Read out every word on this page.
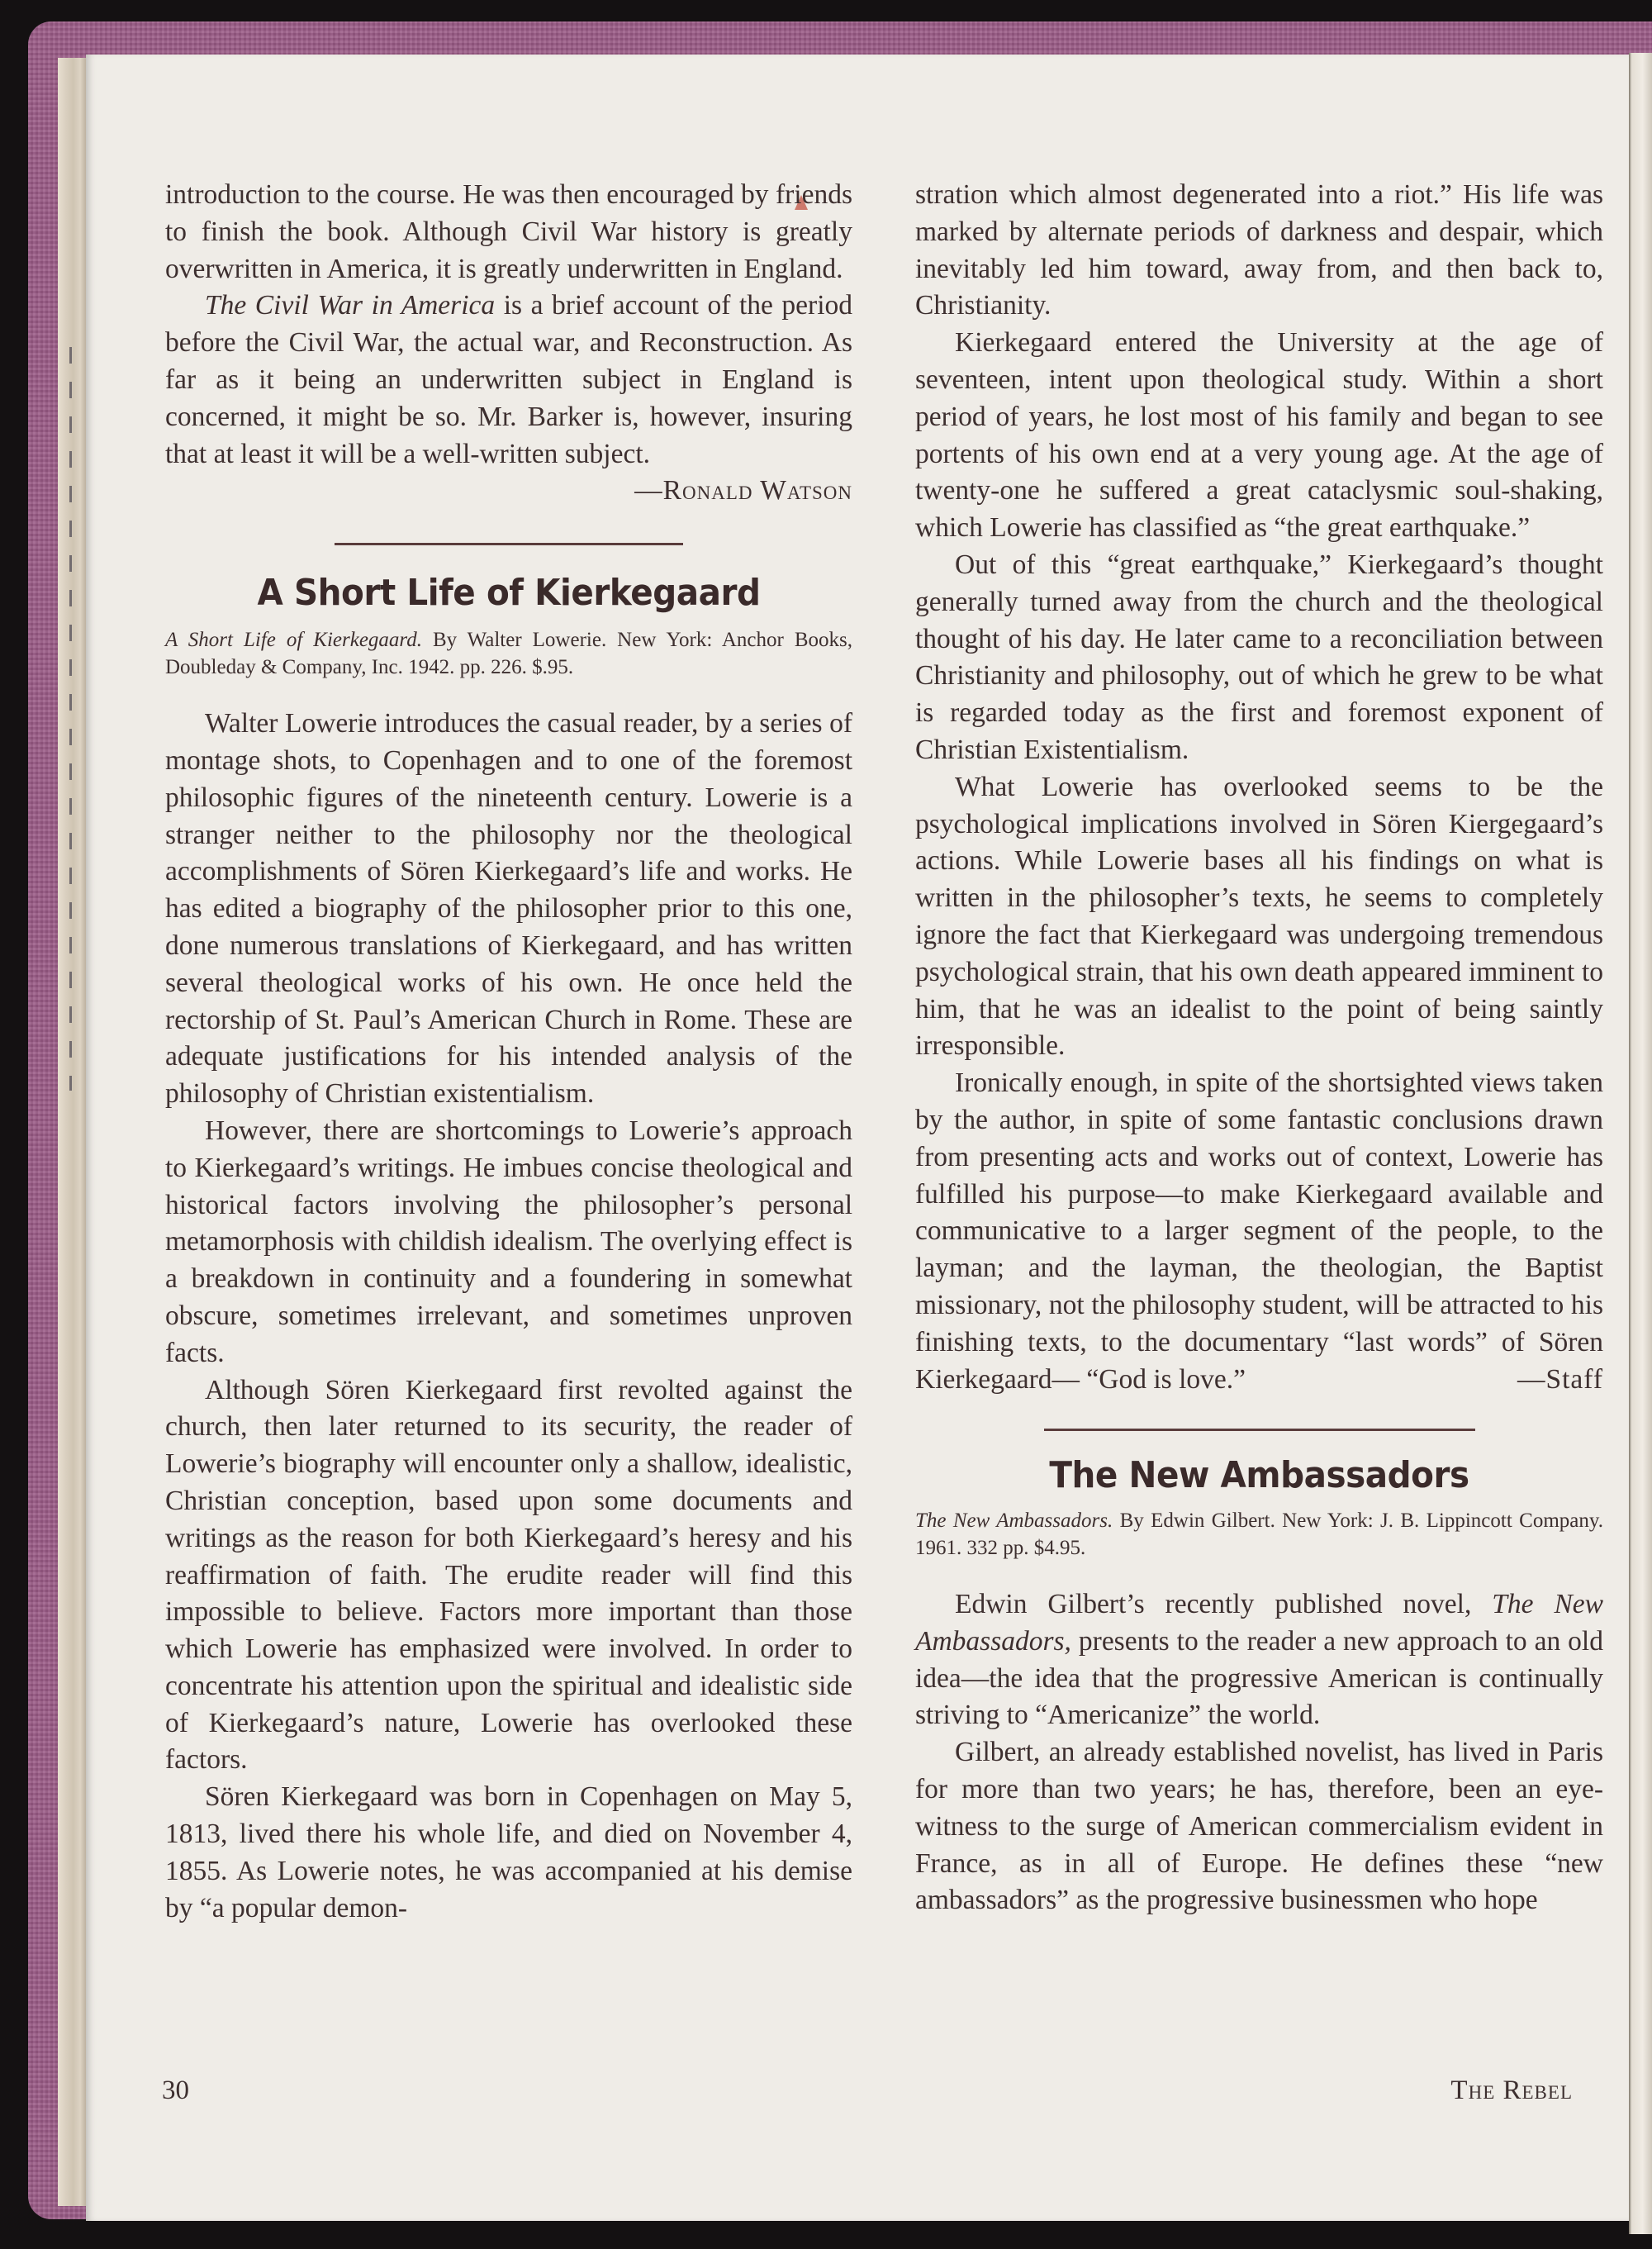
introduction to the course. He was then encouraged by friends to finish the book. Although Civil War history is greatly overwritten in America, it is greatly underwritten in England.

The Civil War in America is a brief account of the period before the Civil War, the actual war, and Reconstruction. As far as it being an underwritten subject in England is concerned, it might be so. Mr. Barker is, however, insuring that at least it will be a well-written subject.

—Ronald Watson
A Short Life of Kierkegaard
A Short Life of Kierkegaard. By Walter Lowerie. New York: Anchor Books, Doubleday & Company, Inc. 1942. pp. 226. $.95.

Walter Lowerie introduces the casual reader, by a series of montage shots, to Copenhagen and to one of the foremost philosophic figures of the nineteenth century. Lowerie is a stranger neither to the philosophy nor the theological accomplishments of Sören Kierkegaard’s life and works. He has edited a biography of the philosopher prior to this one, done numerous translations of Kierkegaard, and has written several theological works of his own. He once held the rectorship of St. Paul’s American Church in Rome. These are adequate justifications for his intended analysis of the philosophy of Christian existentialism.

However, there are shortcomings to Lowerie’s approach to Kierkegaard’s writings. He imbues concise theological and historical factors involving the philosopher’s personal metamorphosis with childish idealism. The overlying effect is a breakdown in continuity and a foundering in somewhat obscure, sometimes irrelevant, and sometimes unproven facts.

Although Sören Kierkegaard first revolted against the church, then later returned to its security, the reader of Lowerie’s biography will encounter only a shallow, idealistic, Christian conception, based upon some documents and writings as the reason for both Kierkegaard’s heresy and his reaffirmation of faith. The erudite reader will find this impossible to believe. Factors more important than those which Lowerie has emphasized were involved. In order to concentrate his attention upon the spiritual and idealistic side of Kierkegaard’s nature, Lowerie has overlooked these factors.

Sören Kierkegaard was born in Copenhagen on May 5, 1813, lived there his whole life, and died on November 4, 1855. As Lowerie notes, he was accompanied at his demise by “a popular demon-

stration which almost degenerated into a riot.” His life was marked by alternate periods of darkness and despair, which inevitably led him toward, away from, and then back to, Christianity.

Kierkegaard entered the University at the age of seventeen, intent upon theological study. Within a short period of years, he lost most of his family and began to see portents of his own end at a very young age. At the age of twenty-one he suffered a great cataclysmic soul-shaking, which Lowerie has classified as “the great earthquake.”

Out of this “great earthquake,” Kierkegaard’s thought generally turned away from the church and the theological thought of his day. He later came to a reconciliation between Christianity and philosophy, out of which he grew to be what is regarded today as the first and foremost exponent of Christian Existentialism.

What Lowerie has overlooked seems to be the psychological implications involved in Sören Kiergegaard’s actions. While Lowerie bases all his findings on what is written in the philosopher’s texts, he seems to completely ignore the fact that Kierkegaard was undergoing tremendous psychological strain, that his own death appeared imminent to him, that he was an idealist to the point of being saintly irresponsible.

Ironically enough, in spite of the shortsighted views taken by the author, in spite of some fantastic conclusions drawn from presenting acts and works out of context, Lowerie has fulfilled his purpose—to make Kierkegaard available and communicative to a larger segment of the people, to the layman; and the layman, the theologian, the Baptist missionary, not the philosophy student, will be attracted to his finishing texts, to the documentary “last words” of Sören Kierkegaard— “God is love.”	—Staff
The New Ambassadors
The New Ambassadors. By Edwin Gilbert. New York: J. B. Lippincott Company. 1961. 332 pp. $4.95.

Edwin Gilbert’s recently published novel, The New Ambassadors, presents to the reader a new approach to an old idea—the idea that the progressive American is continually striving to “Americanize” the world.

Gilbert, an already established novelist, has lived in Paris for more than two years; he has, therefore, been an eye-witness to the surge of American commercialism evident in France, as in all of Europe. He defines these “new ambassadors” as the progressive businessmen who hope

30	The Rebel
